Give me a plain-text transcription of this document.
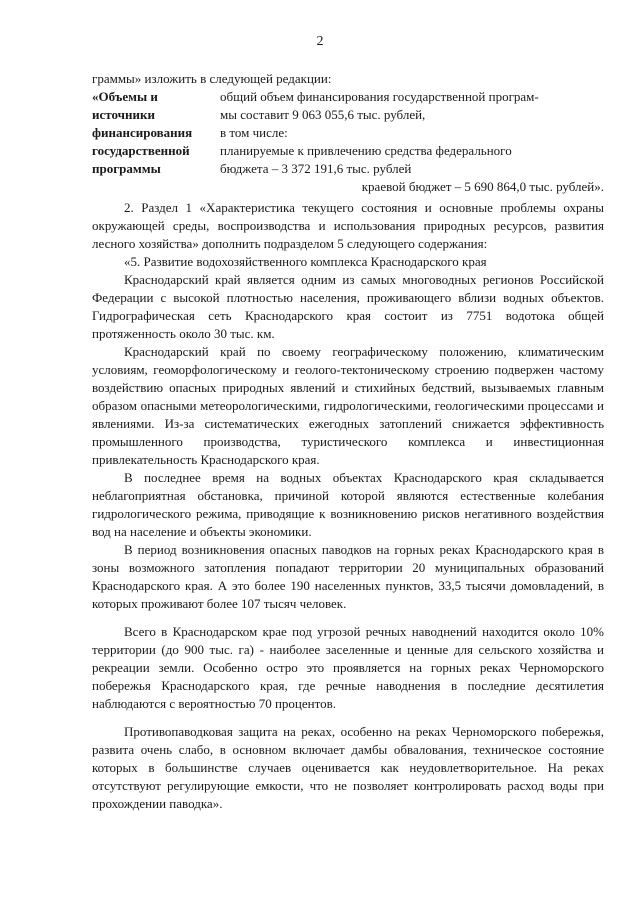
2

граммы» изложить в следующей редакции:

«Объемы и
источники
финансирования
государственной
программы
общий объем финансирования государственной програм-
мы составит 9 063 055,6 тыс. рублей,
в том числе:
планируемые к привлечению средства федерального
бюджета – 3 372 191,6 тыс. рублей
краевой бюджет – 5 690 864,0 тыс. рублей».

2. Раздел 1 «Характеристика текущего состояния и основные проблемы охраны окружающей среды, воспроизводства и использования природных ресурсов, развития лесного хозяйства» дополнить подразделом 5 следующего содержания:

«5. Развитие водохозяйственного комплекса Краснодарского края

Краснодарский край является одним из самых многоводных регионов Российской Федерации с высокой плотностью населения, проживающего вблизи водных объектов. Гидрографическая сеть Краснодарского края состоит из 7751 водотока общей протяженность около 30 тыс. км.

Краснодарский край по своему географическому положению, климатическим условиям, геоморфологическому и геолого-тектоническому строению подвержен частому воздействию опасных природных явлений и стихийных бедствий, вызываемых главным образом опасными метеорологическими, гидрологическими, геологическими процессами и явлениями. Из-за систематических ежегодных затоплений снижается эффективность промышленного производства, туристического комплекса и инвестиционная привлекательность Краснодарского края.

В последнее время на водных объектах Краснодарского края складывается неблагоприятная обстановка, причиной которой являются естественные колебания гидрологического режима, приводящие к возникновению рисков негативного воздействия вод на население и объекты экономики.

В период возникновения опасных паводков на горных реках Краснодарского края в зоны возможного затопления попадают территории 20 муниципальных образований Краснодарского края. А это более 190 населенных пунктов, 33,5 тысячи домовладений, в которых проживают более 107 тысяч человек.

Всего в Краснодарском крае под угрозой речных наводнений находится около 10% территории (до 900 тыс. га) - наиболее заселенные и ценные для сельского хозяйства и рекреации земли. Особенно остро это проявляется на горных реках Черноморского побережья Краснодарского края, где речные наводнения в последние десятилетия наблюдаются с вероятностью 70 процентов.

Противопаводковая защита на реках, особенно на реках Черноморского побережья, развита очень слабо, в основном включает дамбы обвалования, техническое состояние которых в большинстве случаев оценивается как неудовлетворительное. На реках отсутствуют регулирующие емкости, что не позволяет контролировать расход воды при прохождении паводка».
